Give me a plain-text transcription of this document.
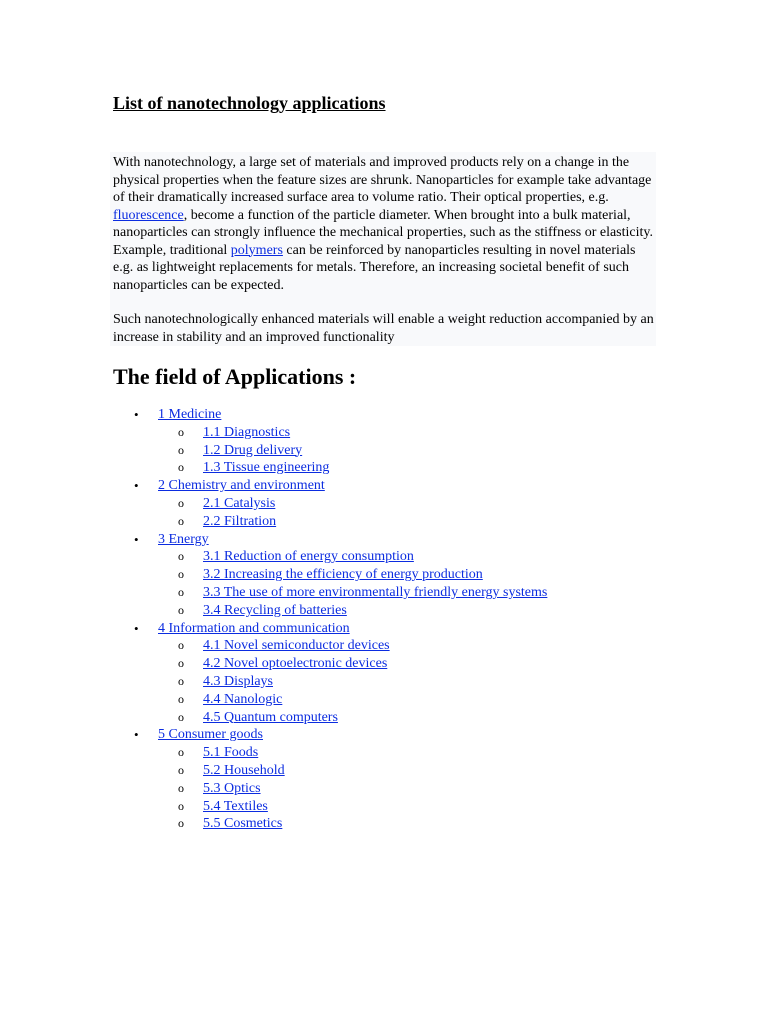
List of nanotechnology applications

With nanotechnology, a large set of materials and improved products rely on a change in the physical properties when the feature sizes are shrunk. Nanoparticles for example take advantage of their dramatically increased surface area to volume ratio. Their optical properties, e.g. fluorescence, become a function of the particle diameter. When brought into a bulk material, nanoparticles can strongly influence the mechanical properties, such as the stiffness or elasticity. Example, traditional polymers can be reinforced by nanoparticles resulting in novel materials e.g. as lightweight replacements for metals. Therefore, an increasing societal benefit of such nanoparticles can be expected.

Such nanotechnologically enhanced materials will enable a weight reduction accompanied by an increase in stability and an improved functionality

The field of Applications :
• 1 Medicine
o 1.1 Diagnostics
o 1.2 Drug delivery
o 1.3 Tissue engineering
• 2 Chemistry and environment
o 2.1 Catalysis
o 2.2 Filtration
• 3 Energy
o 3.1 Reduction of energy consumption
o 3.2 Increasing the efficiency of energy production
o 3.3 The use of more environmentally friendly energy systems
o 3.4 Recycling of batteries
• 4 Information and communication
o 4.1 Novel semiconductor devices
o 4.2 Novel optoelectronic devices
o 4.3 Displays
o 4.4 Nanologic
o 4.5 Quantum computers
• 5 Consumer goods
o 5.1 Foods
o 5.2 Household
o 5.3 Optics
o 5.4 Textiles
o 5.5 Cosmetics
